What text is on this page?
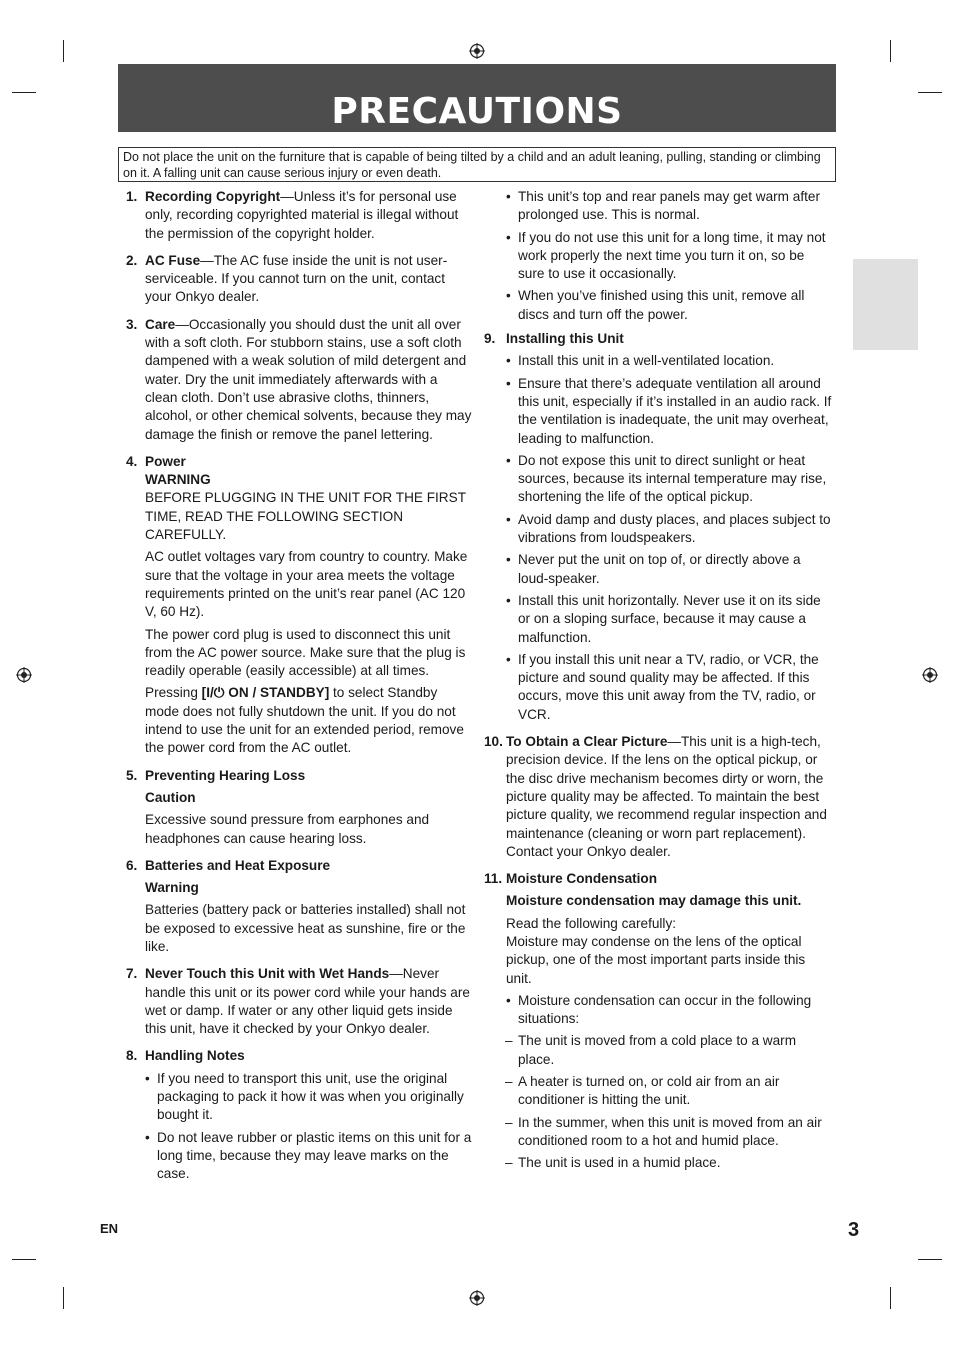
PRECAUTIONS
Do not place the unit on the furniture that is capable of being tilted by a child and an adult leaning, pulling, standing or climbing on it. A falling unit can cause serious injury or even death.
1. Recording Copyright—Unless it’s for personal use only, recording copyrighted material is illegal without the permission of the copyright holder.

2. AC Fuse—The AC fuse inside the unit is not user-serviceable. If you cannot turn on the unit, contact your Onkyo dealer.

3. Care—Occasionally you should dust the unit all over with a soft cloth. For stubborn stains, use a soft cloth dampened with a weak solution of mild detergent and water. Dry the unit immediately afterwards with a clean cloth. Don’t use abrasive cloths, thinners, alcohol, or other chemical solvents, because they may damage the finish or remove the panel lettering.

4. Power
WARNING

BEFORE PLUGGING IN THE UNIT FOR THE FIRST TIME, READ THE FOLLOWING SECTION CAREFULLY.

AC outlet voltages vary from country to country. Make sure that the voltage in your area meets the voltage requirements printed on the unit’s rear panel (AC 120 V, 60 Hz).

The power cord plug is used to disconnect this unit from the AC power source. Make sure that the plug is readily operable (easily accessible) at all times.

Pressing [I/⏻ ON / STANDBY] to select Standby mode does not fully shutdown the unit. If you do not intend to use the unit for an extended period, remove the power cord from the AC outlet.

5. Preventing Hearing Loss
Caution

Excessive sound pressure from earphones and headphones can cause hearing loss.

6. Batteries and Heat Exposure
Warning

Batteries (battery pack or batteries installed) shall not be exposed to excessive heat as sunshine, fire or the like.

7. Never Touch this Unit with Wet Hands—Never handle this unit or its power cord while your hands are wet or damp. If water or any other liquid gets inside this unit, have it checked by your Onkyo dealer.

8. Handling Notes
• If you need to transport this unit, use the original packaging to pack it how it was when you originally bought it.
• Do not leave rubber or plastic items on this unit for a long time, because they may leave marks on the case.
• This unit’s top and rear panels may get warm after prolonged use. This is normal.
• If you do not use this unit for a long time, it may not work properly the next time you turn it on, so be sure to use it occasionally.
• When you’ve finished using this unit, remove all discs and turn off the power.
9. Installing this Unit
• Install this unit in a well-ventilated location.
• Ensure that there’s adequate ventilation all around this unit, especially if it’s installed in an audio rack. If the ventilation is inadequate, the unit may overheat, leading to malfunction.
• Do not expose this unit to direct sunlight or heat sources, because its internal temperature may rise, shortening the life of the optical pickup.
• Avoid damp and dusty places, and places subject to vibrations from loudspeakers.
• Never put the unit on top of, or directly above a loud-speaker.
• Install this unit horizontally. Never use it on its side or on a sloping surface, because it may cause a malfunction.
• If you install this unit near a TV, radio, or VCR, the picture and sound quality may be affected. If this occurs, move this unit away from the TV, radio, or VCR.
10. To Obtain a Clear Picture—This unit is a high-tech, precision device. If the lens on the optical pickup, or the disc drive mechanism becomes dirty or worn, the picture quality may be affected. To maintain the best picture quality, we recommend regular inspection and maintenance (cleaning or worn part replacement). Contact your Onkyo dealer.

11. Moisture Condensation
Moisture condensation may damage this unit.

Read the following carefully:

Moisture may condense on the lens of the optical pickup, one of the most important parts inside this unit.

• Moisture condensation can occur in the following situations:
– The unit is moved from a cold place to a warm place.
– A heater is turned on, or cold air from an air conditioner is hitting the unit.
– In the summer, when this unit is moved from an air conditioned room to a hot and humid place.
– The unit is used in a humid place.
EN	3
